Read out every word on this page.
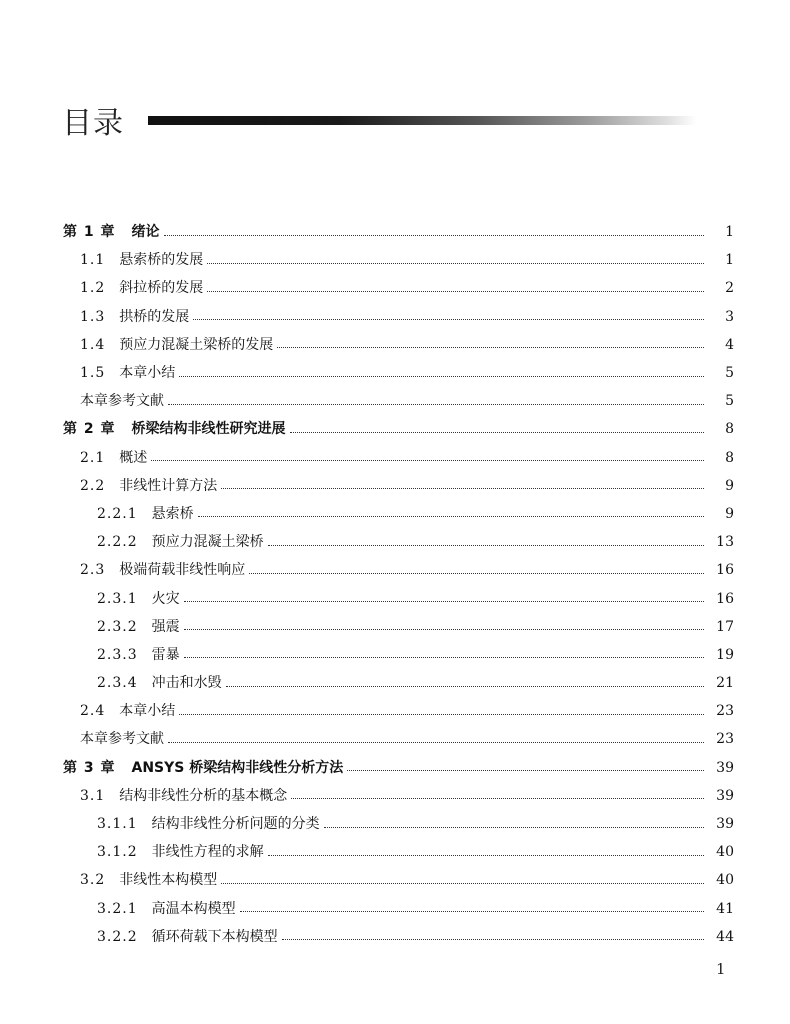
目录
第 1 章 绪论	1
1.1 悬索桥的发展	1
1.2 斜拉桥的发展	2
1.3 拱桥的发展	3
1.4 预应力混凝土梁桥的发展	4
1.5 本章小结	5
本章参考文献	5
第 2 章 桥梁结构非线性研究进展	8
2.1 概述	8
2.2 非线性计算方法	9
2.2.1 悬索桥	9
2.2.2 预应力混凝土梁桥	13
2.3 极端荷载非线性响应	16
2.3.1 火灾	16
2.3.2 强震	17
2.3.3 雷暴	19
2.3.4 冲击和水毁	21
2.4 本章小结	23
本章参考文献	23
第 3 章 ANSYS 桥梁结构非线性分析方法	39
3.1 结构非线性分析的基本概念	39
3.1.1 结构非线性分析问题的分类	39
3.1.2 非线性方程的求解	40
3.2 非线性本构模型	40
3.2.1 高温本构模型	41
3.2.2 循环荷载下本构模型	44
1
